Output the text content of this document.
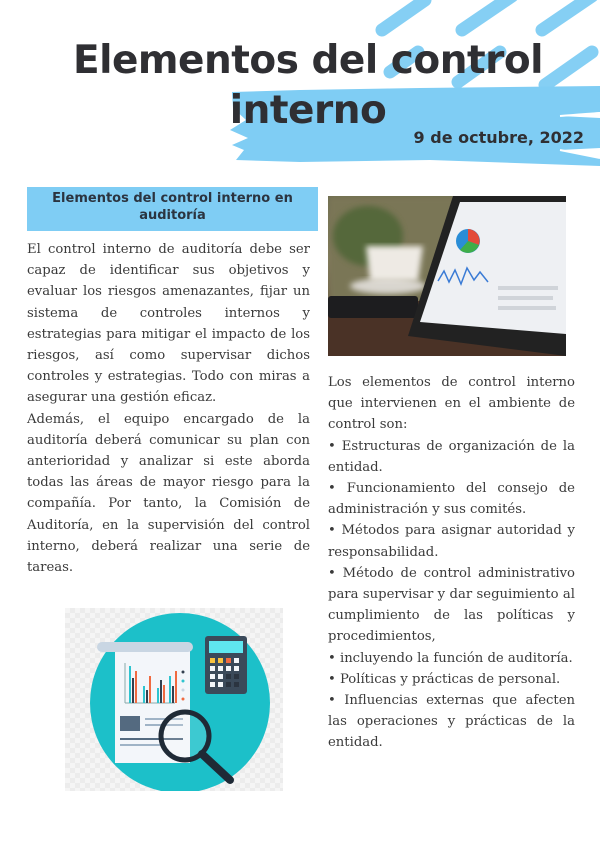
Elementos del control interno
9 de octubre, 2022
Elementos del control interno en auditoría

El control interno de auditoría debe ser capaz de identificar sus objetivos y evaluar los riesgos amenazantes, fijar un sistema de controles internos y estrategias para mitigar el impacto de los riesgos, así como supervisar dichos controles y estrategias. Todo con miras a asegurar una gestión eficaz.

Además, el equipo encargado de la auditoría deberá comunicar su plan con anterioridad y analizar si este aborda todas las áreas de mayor riesgo para la compañía. Por tanto, la Comisión de Auditoría, en la supervisión del control interno, deberá realizar una serie de tareas.

Los elementos de control interno que intervienen en el ambiente de control son:

• Estructuras de organización de la entidad.

• Funcionamiento del consejo de administración y sus comités.

• Métodos para asignar autoridad y responsabilidad.

• Método de control administrativo para supervisar y dar seguimiento al cumplimiento de las políticas y procedimientos,

• incluyendo la función de auditoría.

• Políticas y prácticas de personal.

• Influencias externas que afecten las operaciones y prácticas de la entidad.
